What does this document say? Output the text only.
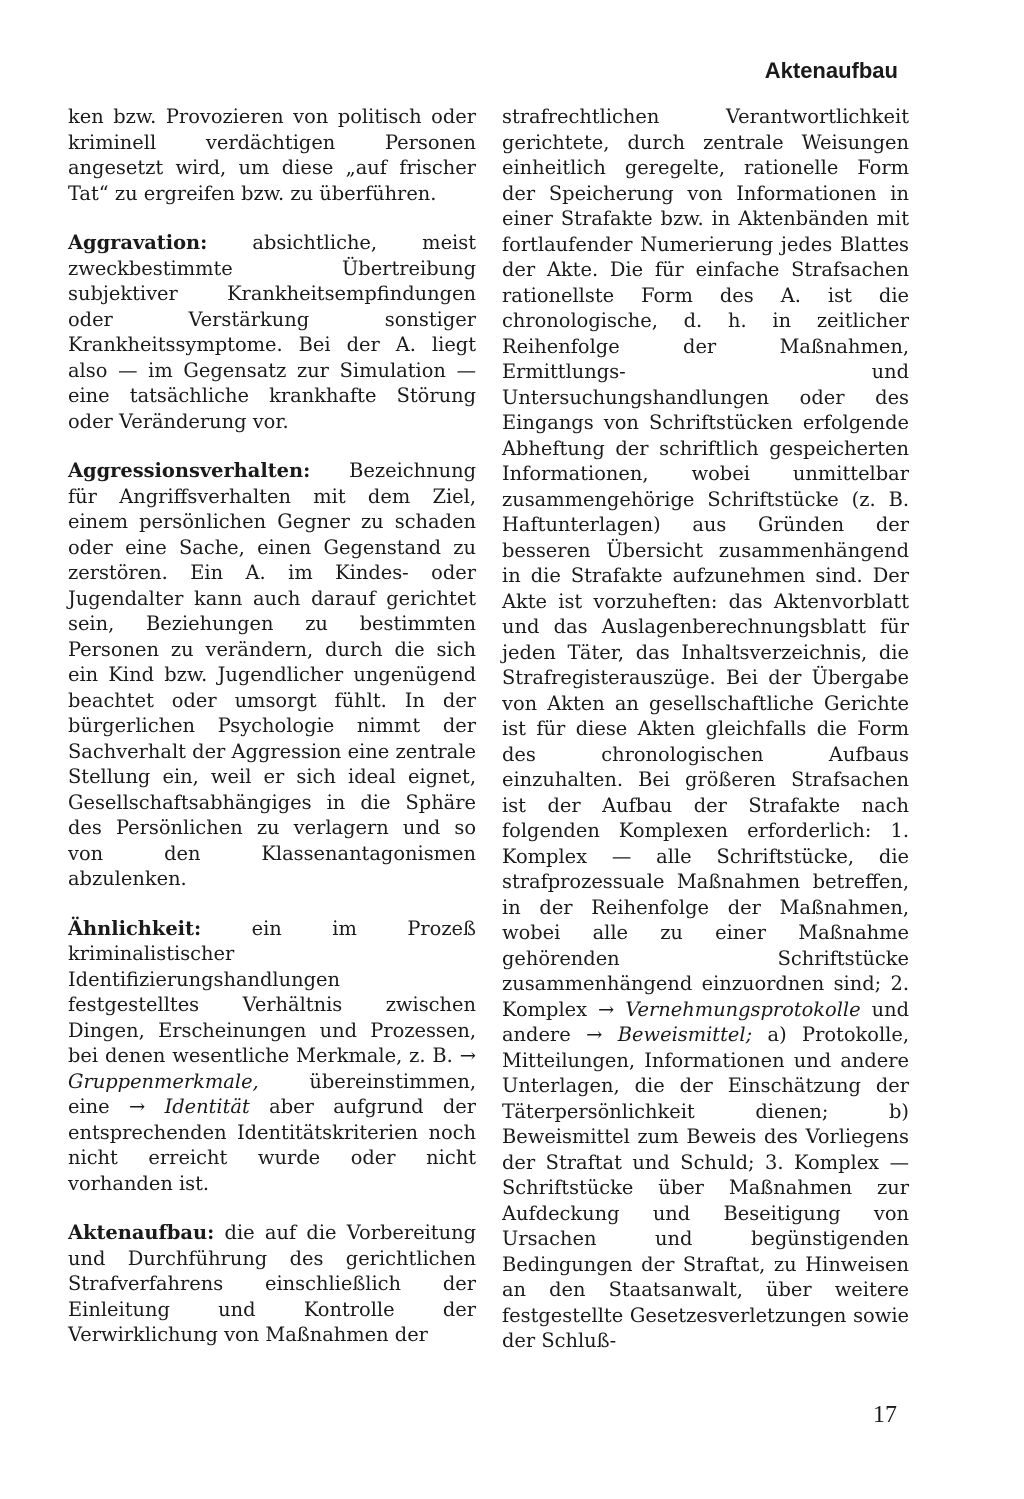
Aktenaufbau

ken bzw. Provozieren von politisch oder kriminell verdächtigen Personen angesetzt wird, um diese „auf frischer Tat“ zu ergreifen bzw. zu überführen.

Aggravation: absichtliche, meist zweckbestimmte Übertreibung subjektiver Krankheitsempfindungen oder Verstärkung sonstiger Krankheitssymptome. Bei der A. liegt also — im Gegensatz zur Simulation — eine tatsächliche krankhafte Störung oder Veränderung vor.

Aggressionsverhalten: Bezeichnung für Angriffsverhalten mit dem Ziel, einem persönlichen Gegner zu schaden oder eine Sache, einen Gegenstand zu zerstören. Ein A. im Kindes- oder Jugendalter kann auch darauf gerichtet sein, Beziehungen zu bestimmten Personen zu verändern, durch die sich ein Kind bzw. Jugendlicher ungenügend beachtet oder umsorgt fühlt. In der bürgerlichen Psychologie nimmt der Sachverhalt der Aggression eine zentrale Stellung ein, weil er sich ideal eignet, Gesellschaftsabhängiges in die Sphäre des Persönlichen zu verlagern und so von den Klassenantagonismen abzulenken.

Ähnlichkeit: ein im Prozeß kriminalistischer Identifizierungshandlungen festgestelltes Verhältnis zwischen Dingen, Erscheinungen und Prozessen, bei denen wesentliche Merkmale, z. B. → Gruppenmerkmale, übereinstimmen, eine → Identität aber aufgrund der entsprechenden Identitätskriterien noch nicht erreicht wurde oder nicht vorhanden ist.

Aktenaufbau: die auf die Vorbereitung und Durchführung des gerichtlichen Strafverfahrens einschließlich der Einleitung und Kontrolle der Verwirklichung von Maßnahmen der

strafrechtlichen Verantwortlichkeit gerichtete, durch zentrale Weisungen einheitlich geregelte, rationelle Form der Speicherung von Informationen in einer Strafakte bzw. in Aktenbänden mit fortlaufender Numerierung jedes Blattes der Akte. Die für einfache Strafsachen rationellste Form des A. ist die chronologische, d. h. in zeitlicher Reihenfolge der Maßnahmen, Ermittlungs- und Untersuchungshandlungen oder des Eingangs von Schriftstücken erfolgende Abheftung der schriftlich gespeicherten Informationen, wobei unmittelbar zusammengehörige Schriftstücke (z. B. Haftunterlagen) aus Gründen der besseren Übersicht zusammenhängend in die Strafakte aufzunehmen sind. Der Akte ist vorzuheften: das Aktenvorblatt und das Auslagenberechnungsblatt für jeden Täter, das Inhaltsverzeichnis, die Strafregisterauszüge. Bei der Übergabe von Akten an gesellschaftliche Gerichte ist für diese Akten gleichfalls die Form des chronologischen Aufbaus einzuhalten. Bei größeren Strafsachen ist der Aufbau der Strafakte nach folgenden Komplexen erforderlich: 1. Komplex — alle Schriftstücke, die strafprozessuale Maßnahmen betreffen, in der Reihenfolge der Maßnahmen, wobei alle zu einer Maßnahme gehörenden Schriftstücke zusammenhängend einzuordnen sind; 2. Komplex → Vernehmungsprotokolle und andere → Beweismittel; a) Protokolle, Mitteilungen, Informationen und andere Unterlagen, die der Einschätzung der Täterpersönlichkeit dienen; b) Beweismittel zum Beweis des Vorliegens der Straftat und Schuld; 3. Komplex — Schriftstücke über Maßnahmen zur Aufdeckung und Beseitigung von Ursachen und begünstigenden Bedingungen der Straftat, zu Hinweisen an den Staatsanwalt, über weitere festgestellte Gesetzesverletzungen sowie der Schluß-

17
